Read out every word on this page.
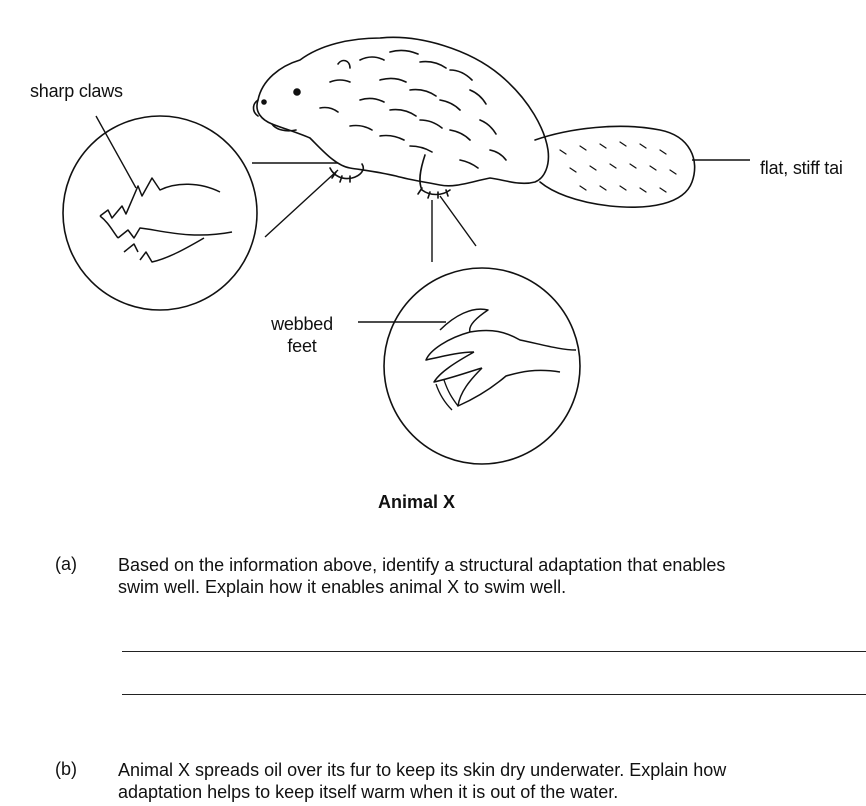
sharp claws
flat, stiff tai
webbed
feet
Animal X
(a) Based on the information above, identify a structural adaptation that enables
swim well. Explain how it enables animal X to swim well.
(b) Animal X spreads oil over its fur to keep its skin dry underwater. Explain how
adaptation helps to keep itself warm when it is out of the water.
